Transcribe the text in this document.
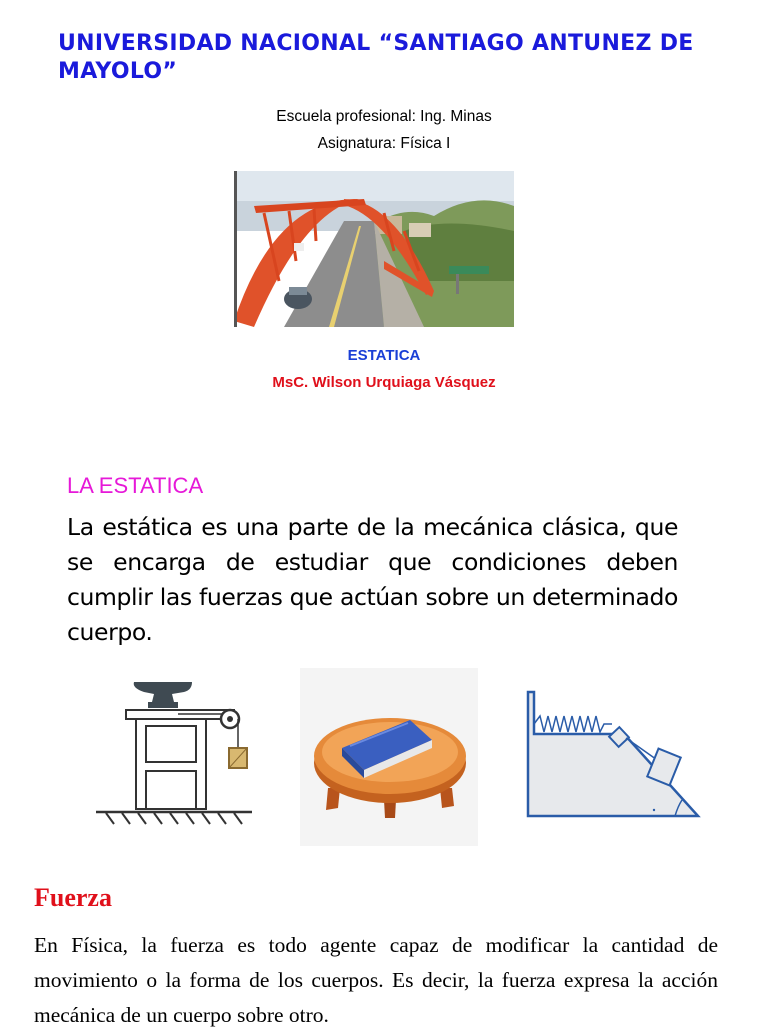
UNIVERSIDAD NACIONAL “SANTIAGO ANTUNEZ DE MAYOLO”
Escuela profesional: Ing. Minas
Asignatura: Física I
ESTATICA
MsC. Wilson Urquiaga Vásquez
LA ESTATICA
La estática es una parte de la mecánica clásica, que se encarga de estudiar que condiciones deben cumplir las fuerzas que actúan sobre un determinado cuerpo.
Fuerza
En Física, la fuerza es todo agente capaz de modificar la cantidad de movimiento o la forma de los cuerpos. Es decir, la fuerza expresa la acción mecánica de un cuerpo sobre otro.
